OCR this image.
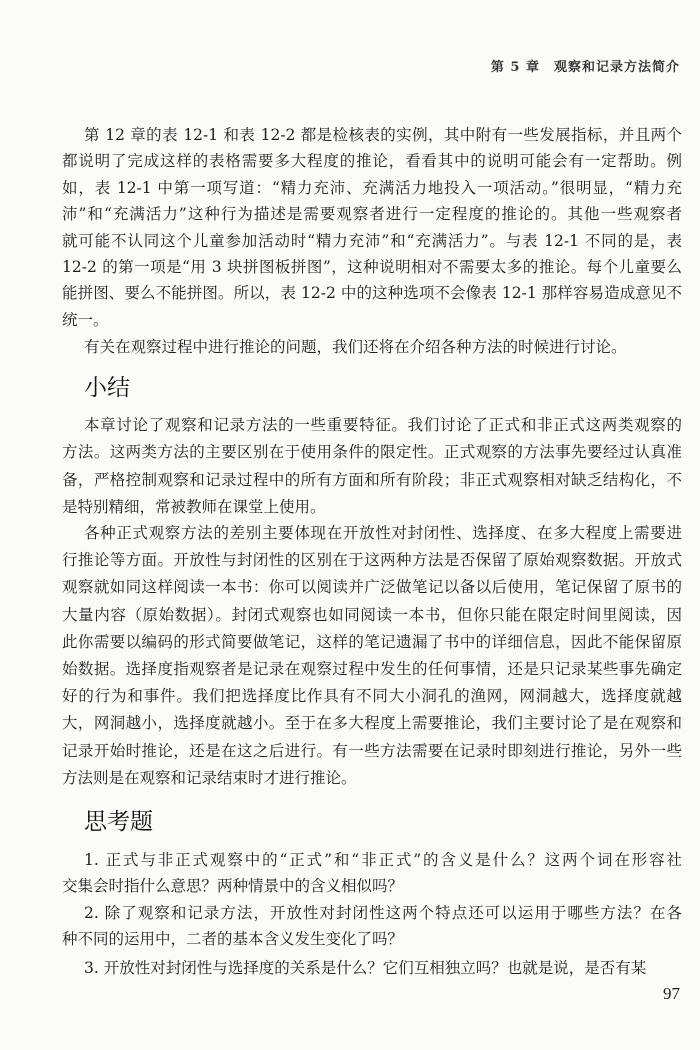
第 5 章　 观察和记录方法简介
第 12 章的表 12-1 和表 12-2 都是检核表的实例，其中附有一些发展指标，并且两个
都说明了完成这样的表格需要多大程度的推论，看看其中的说明可能会有一定帮助。例
如，表 12-1 中第一项写道：“精力充沛、充满活力地投入一项活动。”很明显，“精力充
沛”和“充满活力”这种行为描述是需要观察者进行一定程度的推论的。其他一些观察者
就可能不认同这个儿童参加活动时“精力充沛”和“充满活力”。与表 12-1 不同的是，表
12-2 的第一项是“用 3 块拼图板拼图”，这种说明相对不需要太多的推论。每个儿童要么
能拼图、要么不能拼图。所以，表 12-2 中的这种选项不会像表 12-1 那样容易造成意见不
统一。
有关在观察过程中进行推论的问题，我们还将在介绍各种方法的时候进行讨论。
本章讨论了观察和记录方法的一些重要特征。我们讨论了正式和非正式这两类观察的
方法。这两类方法的主要区别在于使用条件的限定性。正式观察的方法事先要经过认真准
备，严格控制观察和记录过程中的所有方面和所有阶段；非正式观察相对缺乏结构化，不
是特别精细，常被教师在课堂上使用。
各种正式观察方法的差别主要体现在开放性对封闭性、选择度、在多大程度上需要进
行推论等方面。开放性与封闭性的区别在于这两种方法是否保留了原始观察数据。开放式
观察就如同这样阅读一本书：你可以阅读并广泛做笔记以备以后使用，笔记保留了原书的
大量内容（原始数据）。封闭式观察也如同阅读一本书，但你只能在限定时间里阅读，因
此你需要以编码的形式简要做笔记，这样的笔记遗漏了书中的详细信息，因此不能保留原
始数据。选择度指观察者是记录在观察过程中发生的任何事情，还是只记录某些事先确定
好的行为和事件。我们把选择度比作具有不同大小洞孔的渔网，网洞越大，选择度就越
大，网洞越小，选择度就越小。至于在多大程度上需要推论，我们主要讨论了是在观察和
记录开始时推论，还是在这之后进行。有一些方法需要在记录时即刻进行推论，另外一些
方法则是在观察和记录结束时才进行推论。
1. 正式与非正式观察中的“正式”和“非正式”的含义是什么？这两个词在形容社
交集会时指什么意思？两种情景中的含义相似吗？
2. 除了观察和记录方法，开放性对封闭性这两个特点还可以运用于哪些方法？在各
种不同的运用中，二者的基本含义发生变化了吗？
3. 开放性对封闭性与选择度的关系是什么？它们互相独立吗？也就是说，是否有某
小结
思考题
97
